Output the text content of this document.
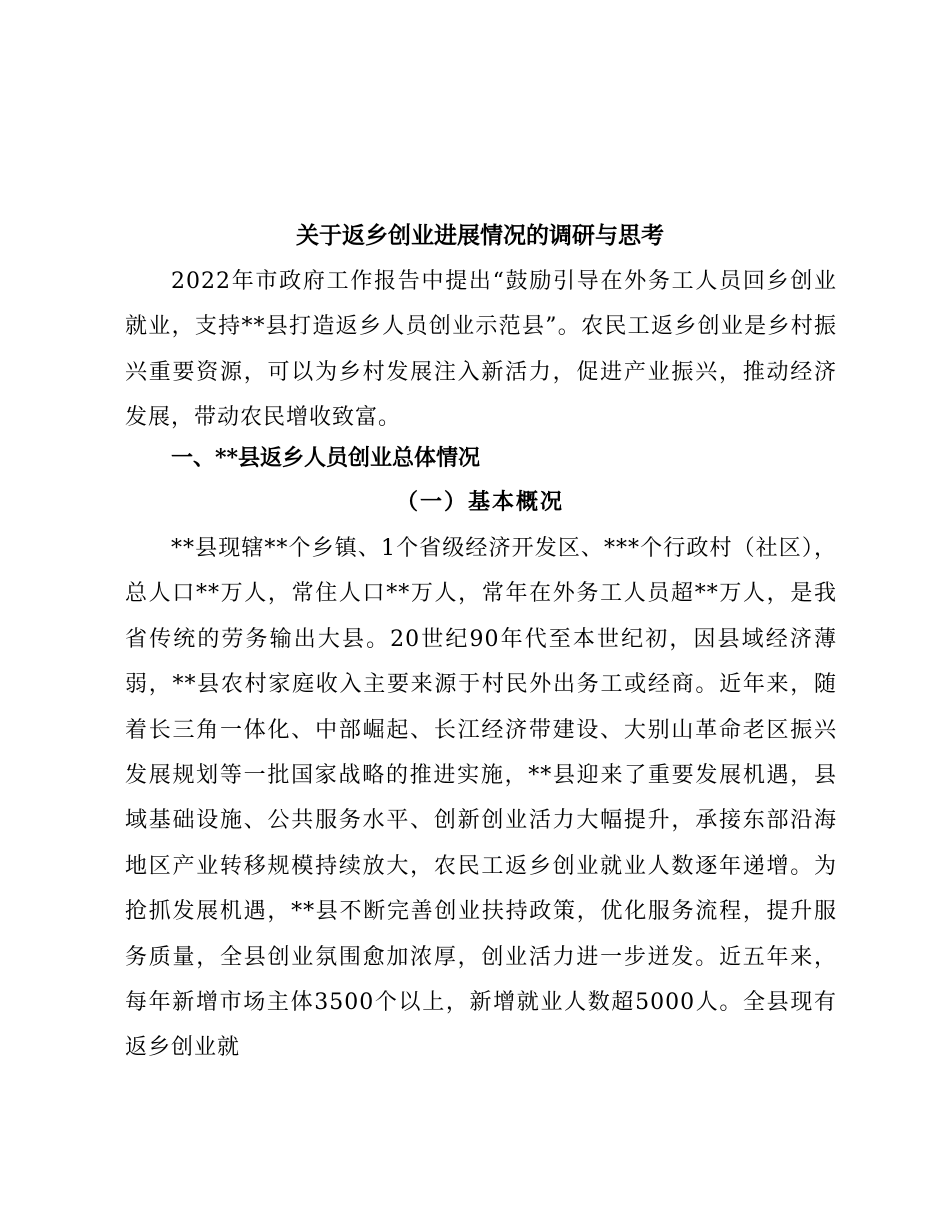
关于返乡创业进展情况的调研与思考

2022年市政府工作报告中提出“鼓励引导在外务工人员回乡创业就业，支持**县打造返乡人员创业示范县”。农民工返乡创业是乡村振兴重要资源，可以为乡村发展注入新活力，促进产业振兴，推动经济发展，带动农民增收致富。

一、**县返乡人员创业总体情况
（一）基本概况

**县现辖**个乡镇、1个省级经济开发区、***个行政村（社区），总人口**万人，常住人口**万人，常年在外务工人员超**万人，是我省传统的劳务输出大县。20世纪90年代至本世纪初，因县域经济薄弱，**县农村家庭收入主要来源于村民外出务工或经商。近年来，随着长三角一体化、中部崛起、长江经济带建设、大别山革命老区振兴发展规划等一批国家战略的推进实施，**县迎来了重要发展机遇，县域基础设施、公共服务水平、创新创业活力大幅提升，承接东部沿海地区产业转移规模持续放大，农民工返乡创业就业人数逐年递增。为抢抓发展机遇，**县不断完善创业扶持政策，优化服务流程，提升服务质量，全县创业氛围愈加浓厚，创业活力进一步迸发。近五年来，每年新增市场主体3500个以上，新增就业人数超5000人。全县现有返乡创业就
